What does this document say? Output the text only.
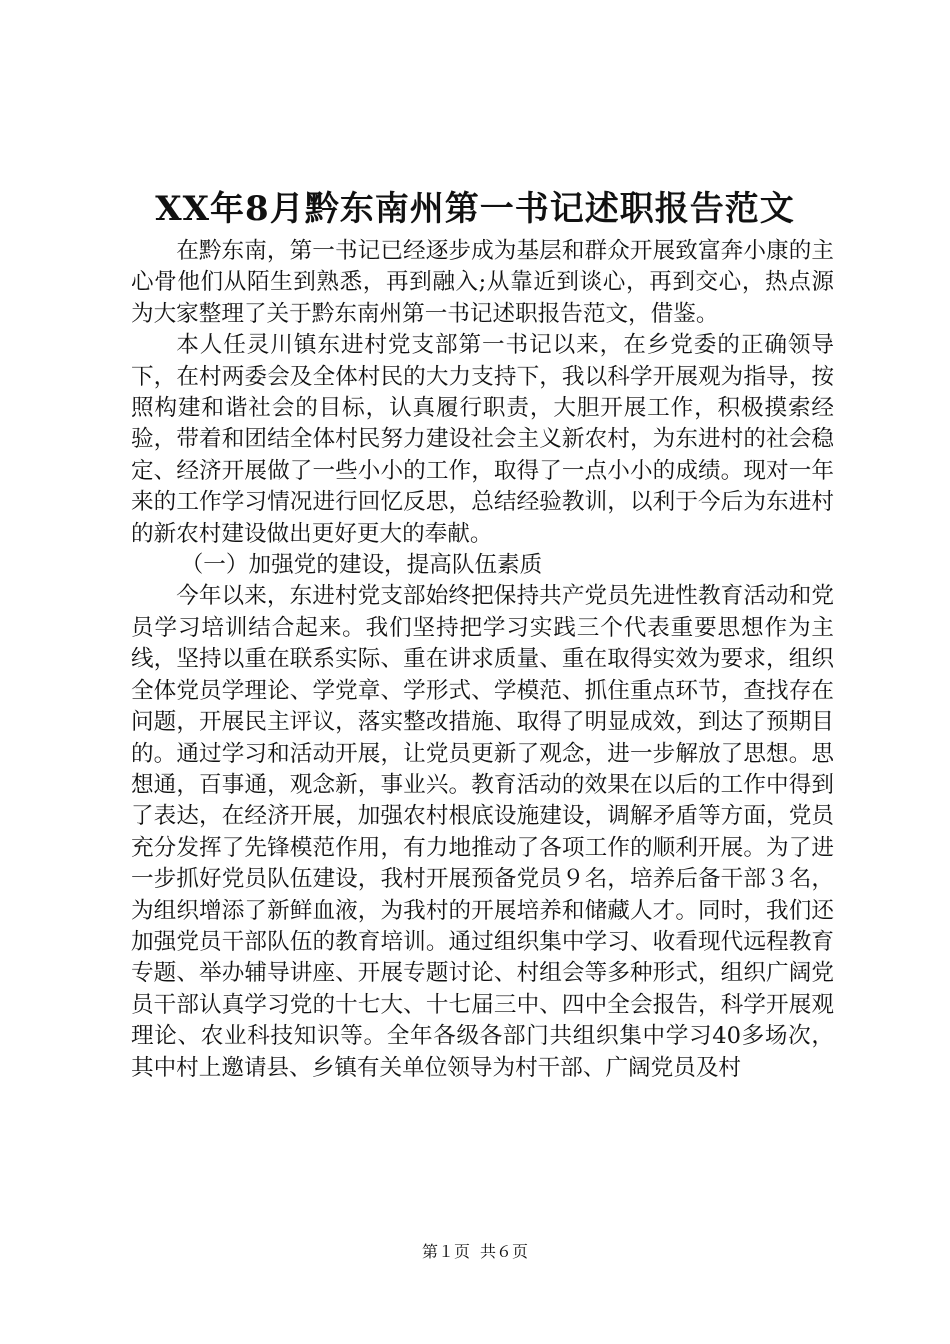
XX年8月黔东南州第一书记述职报告范文

在黔东南，第一书记已经逐步成为基层和群众开展致富奔小康的主心骨他们从陌生到熟悉，再到融入;从靠近到谈心，再到交心，热点源为大家整理了关于黔东南州第一书记述职报告范文，借鉴。

本人任灵川镇东进村党支部第一书记以来，在乡党委的正确领导下，在村两委会及全体村民的大力支持下，我以科学开展观为指导，按照构建和谐社会的目标，认真履行职责，大胆开展工作，积极摸索经验，带着和团结全体村民努力建设社会主义新农村，为东进村的社会稳定、经济开展做了一些小小的工作，取得了一点小小的成绩。现对一年来的工作学习情况进行回忆反思，总结经验教训，以利于今后为东进村的新农村建设做出更好更大的奉献。

（一）加强党的建设，提高队伍素质

今年以来，东进村党支部始终把保持共产党员先进性教育活动和党员学习培训结合起来。我们坚持把学习实践三个代表重要思想作为主线，坚持以重在联系实际、重在讲求质量、重在取得实效为要求，组织全体党员学理论、学党章、学形式、学模范、抓住重点环节，查找存在问题，开展民主评议，落实整改措施、取得了明显成效，到达了预期目的。通过学习和活动开展，让党员更新了观念，进一步解放了思想。思想通，百事通，观念新，事业兴。教育活动的效果在以后的工作中得到了表达，在经济开展，加强农村根底设施建设，调解矛盾等方面，党员充分发挥了先锋模范作用，有力地推动了各项工作的顺利开展。为了进一步抓好党员队伍建设，我村开展预备党员９名，培养后备干部３名，为组织增添了新鲜血液，为我村的开展培养和储藏人才。同时，我们还加强党员干部队伍的教育培训。通过组织集中学习、收看现代远程教育专题、举办辅导讲座、开展专题讨论、村组会等多种形式，组织广阔党员干部认真学习党的十七大、十七届三中、四中全会报告，科学开展观理论、农业科技知识等。全年各级各部门共组织集中学习40多场次，其中村上邀请县、乡镇有关单位领导为村干部、广阔党员及村

第１页 共６页
